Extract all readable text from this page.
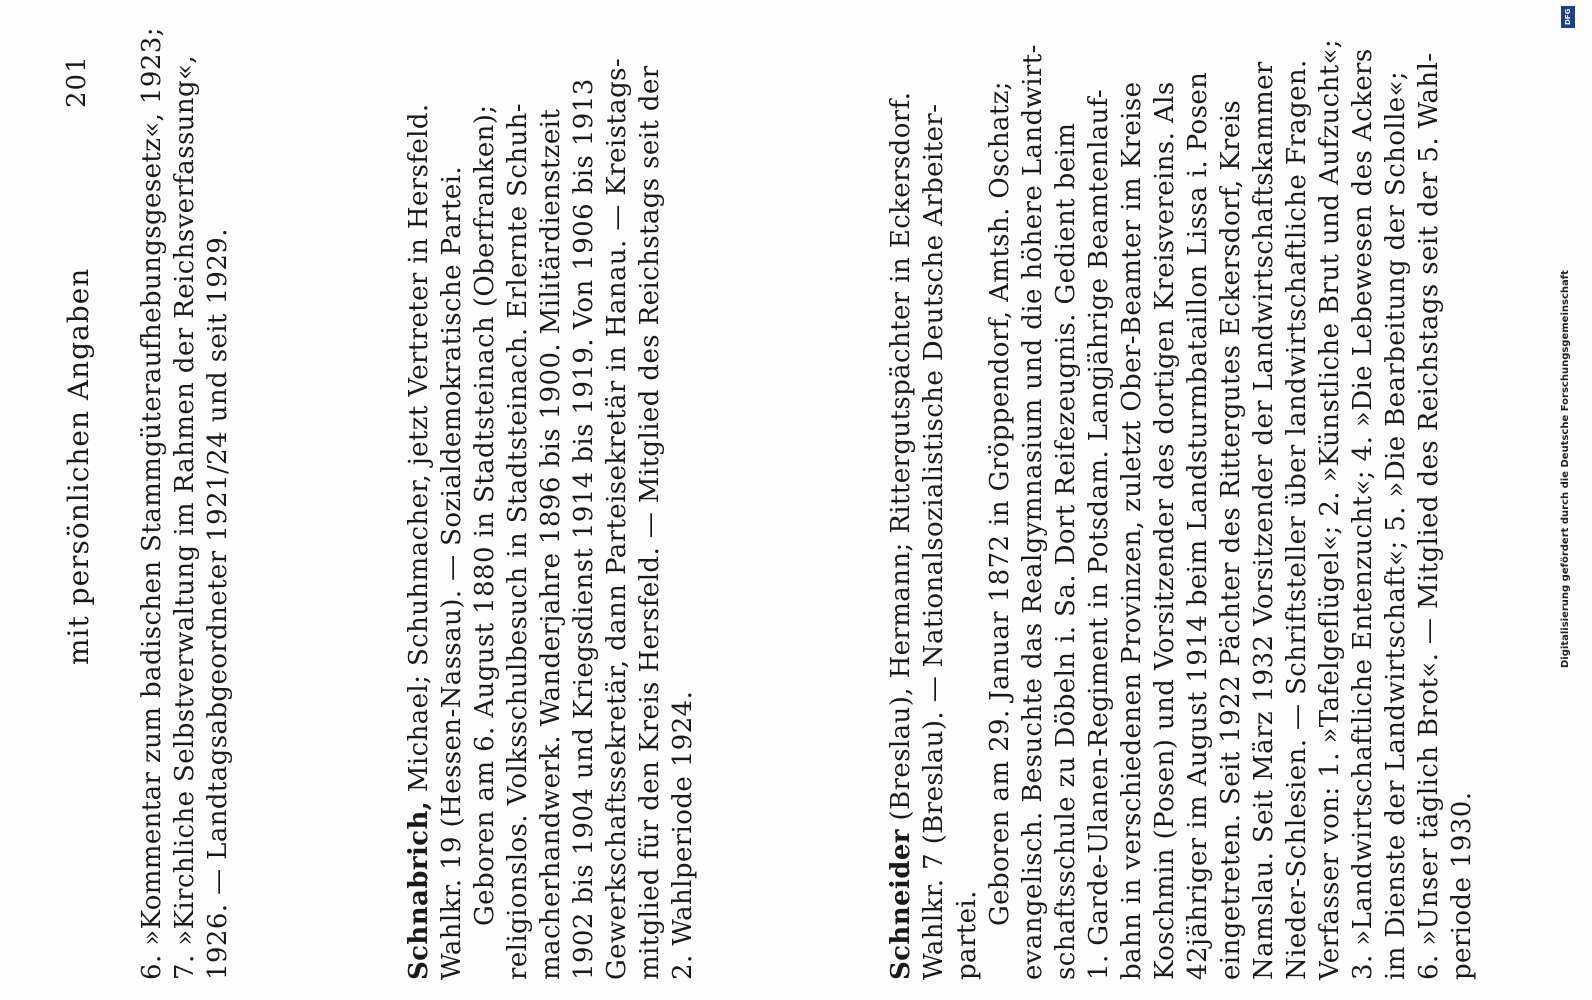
mit persönlichen Angaben
201 6. »Kommentar zum badischen Stammgüteraufhebungsgesetz«, 1923; 7. »Kirchliche Selbstverwaltung im Rahmen der Reichsverfassung«, 1926. — Landtagsabgeordneter 1921/24 und seit 1929.	Schnabrich, Michael; Schuhmacher, jetzt Vertreter in Hersfeld. Wahlkr. 19 (Hessen-Nassau). — Sozialdemokratische Partei. Geboren am 6. August 1880 in Stadtsteinach (Oberfranken); religionslos. Volksschulbesuch in Stadtsteinach. Erlernte Schuh- macherhandwerk. Wanderjahre 1896 bis 1900. Militärdienstzeit 1902 bis 1904 und Kriegsdienst 1914 bis 1919. Von 1906 bis 1913 Gewerkschaftssekretär, dann Parteisekretär in Hanau. — Kreistags- mitglied für den Kreis Hersfeld. — Mitglied des Reichstags seit der 2. Wahlperiode 1924.	Schneider (Breslau), Hermann; Rittergutspächter in Eckersdorf. Wahlkr. 7 (Breslau). — Nationalsozialistische Deutsche Arbeiter- partei.
Geboren am 29. Januar 1872 in Gröppendorf, Amtsh. Oschatz; evangelisch. Besuchte das Realgymnasium und die höhere Landwirt- schaftsschule zu Döbeln i. Sa. Dort Reifezeugnis. Gedient beim 1. Garde-Ulanen-Regiment in Potsdam. Langjährige Beamtenlauf- bahn in verschiedenen Provinzen, zuletzt Ober-Beamter im Kreise Koschmin (Posen) und Vorsitzender des dortigen Kreisvereins. Als 42jähriger im August 1914 beim Landsturmbataillon Lissa i. Posen eingetreten. Seit 1922 Pächter des Rittergutes Eckersdorf, Kreis Namslau. Seit März 1932 Vorsitzender der Landwirtschaftskammer Nieder-Schlesien. — Schriftsteller über landwirtschaftliche Fragen. Verfasser von: 1. »Tafelgeflügel«; 2. »Künstliche Brut und Aufzucht«; 3. »Landwirtschaftliche Entenzucht«; 4. »Die Lebewesen des Ackers im Dienste der Landwirtschaft«; 5. »Die Bearbeitung der Scholle«; 6. »Unser täglich Brot«. — Mitglied des Reichstags seit der 5. Wahl- periode 1930.
Digitalisierung gefördert durch die Deutsche Forschungsgemeinschaft
DFG
